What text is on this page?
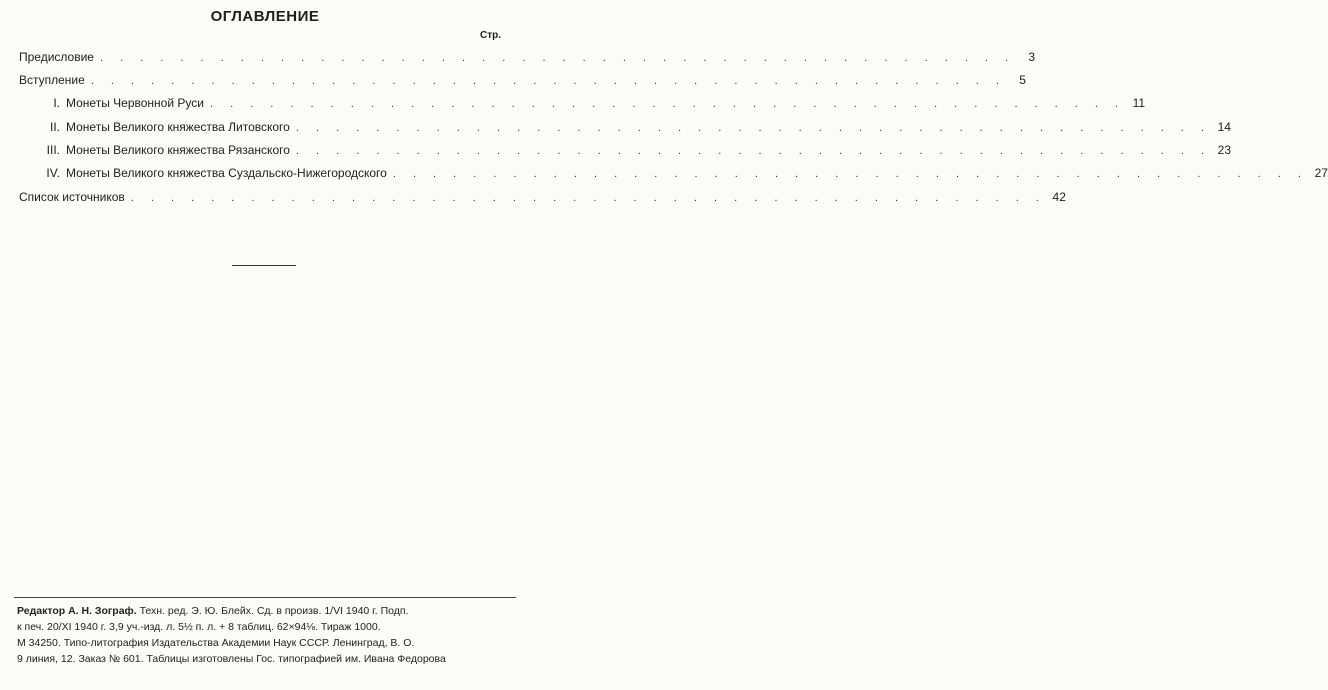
ОГЛАВЛЕНИЕ
Стр.
Предисловие . . . . . . . . . . . . . . . . . . . . . . . . . . . . . . . . . . . . . . . . . . . . . .	3
Вступление . . . . . . . . . . . . . . . . . . . . . . . . . . . . . . . . . . . . . . . . . . . . . .	5
I. Монеты Червонной Руси . . . . . . . . . . . . . . . . . . . . . . . . . . . . . . . . . . . . . . . . . . . . . . 11
II. Монеты Великого княжества Литовского . . . . . . . . . . . . . . . . . . . . . . . . . . . . . . . . . . . . . . . . . . . . . . 14
III. Монеты Великого княжества Рязанского . . . . . . . . . . . . . . . . . . . . . . . . . . . . . . . . . . . . . . . . . . . . . . 23
IV. Монеты Великого княжества Суздальско-Нижегородского . . . . . . . . . . . . . . . . . . . . . . . . . . . . . . . . . . . . . . . . . . . . . . 27
Список источников . . . . . . . . . . . . . . . . . . . . . . . . . . . . . . . . . . . . . . . . . . . . . . 42
Редактор А. Н. Зограф. Техн. ред. Э. Ю. Блейх. Сд. в произв. 1/VI 1940 г. Подп.
к печ. 20/XI 1940 г. 3,9 уч.-изд. л. 5½ п. л. + 8 таблиц. 62×94⅛. Тираж 1000.
М 34250. Типо-литография Издательства Академии Наук СССР. Ленинград, В. О.
9 линия, 12. Заказ № 601. Таблицы изготовлены Гос. типографией им. Ивана Федорова
